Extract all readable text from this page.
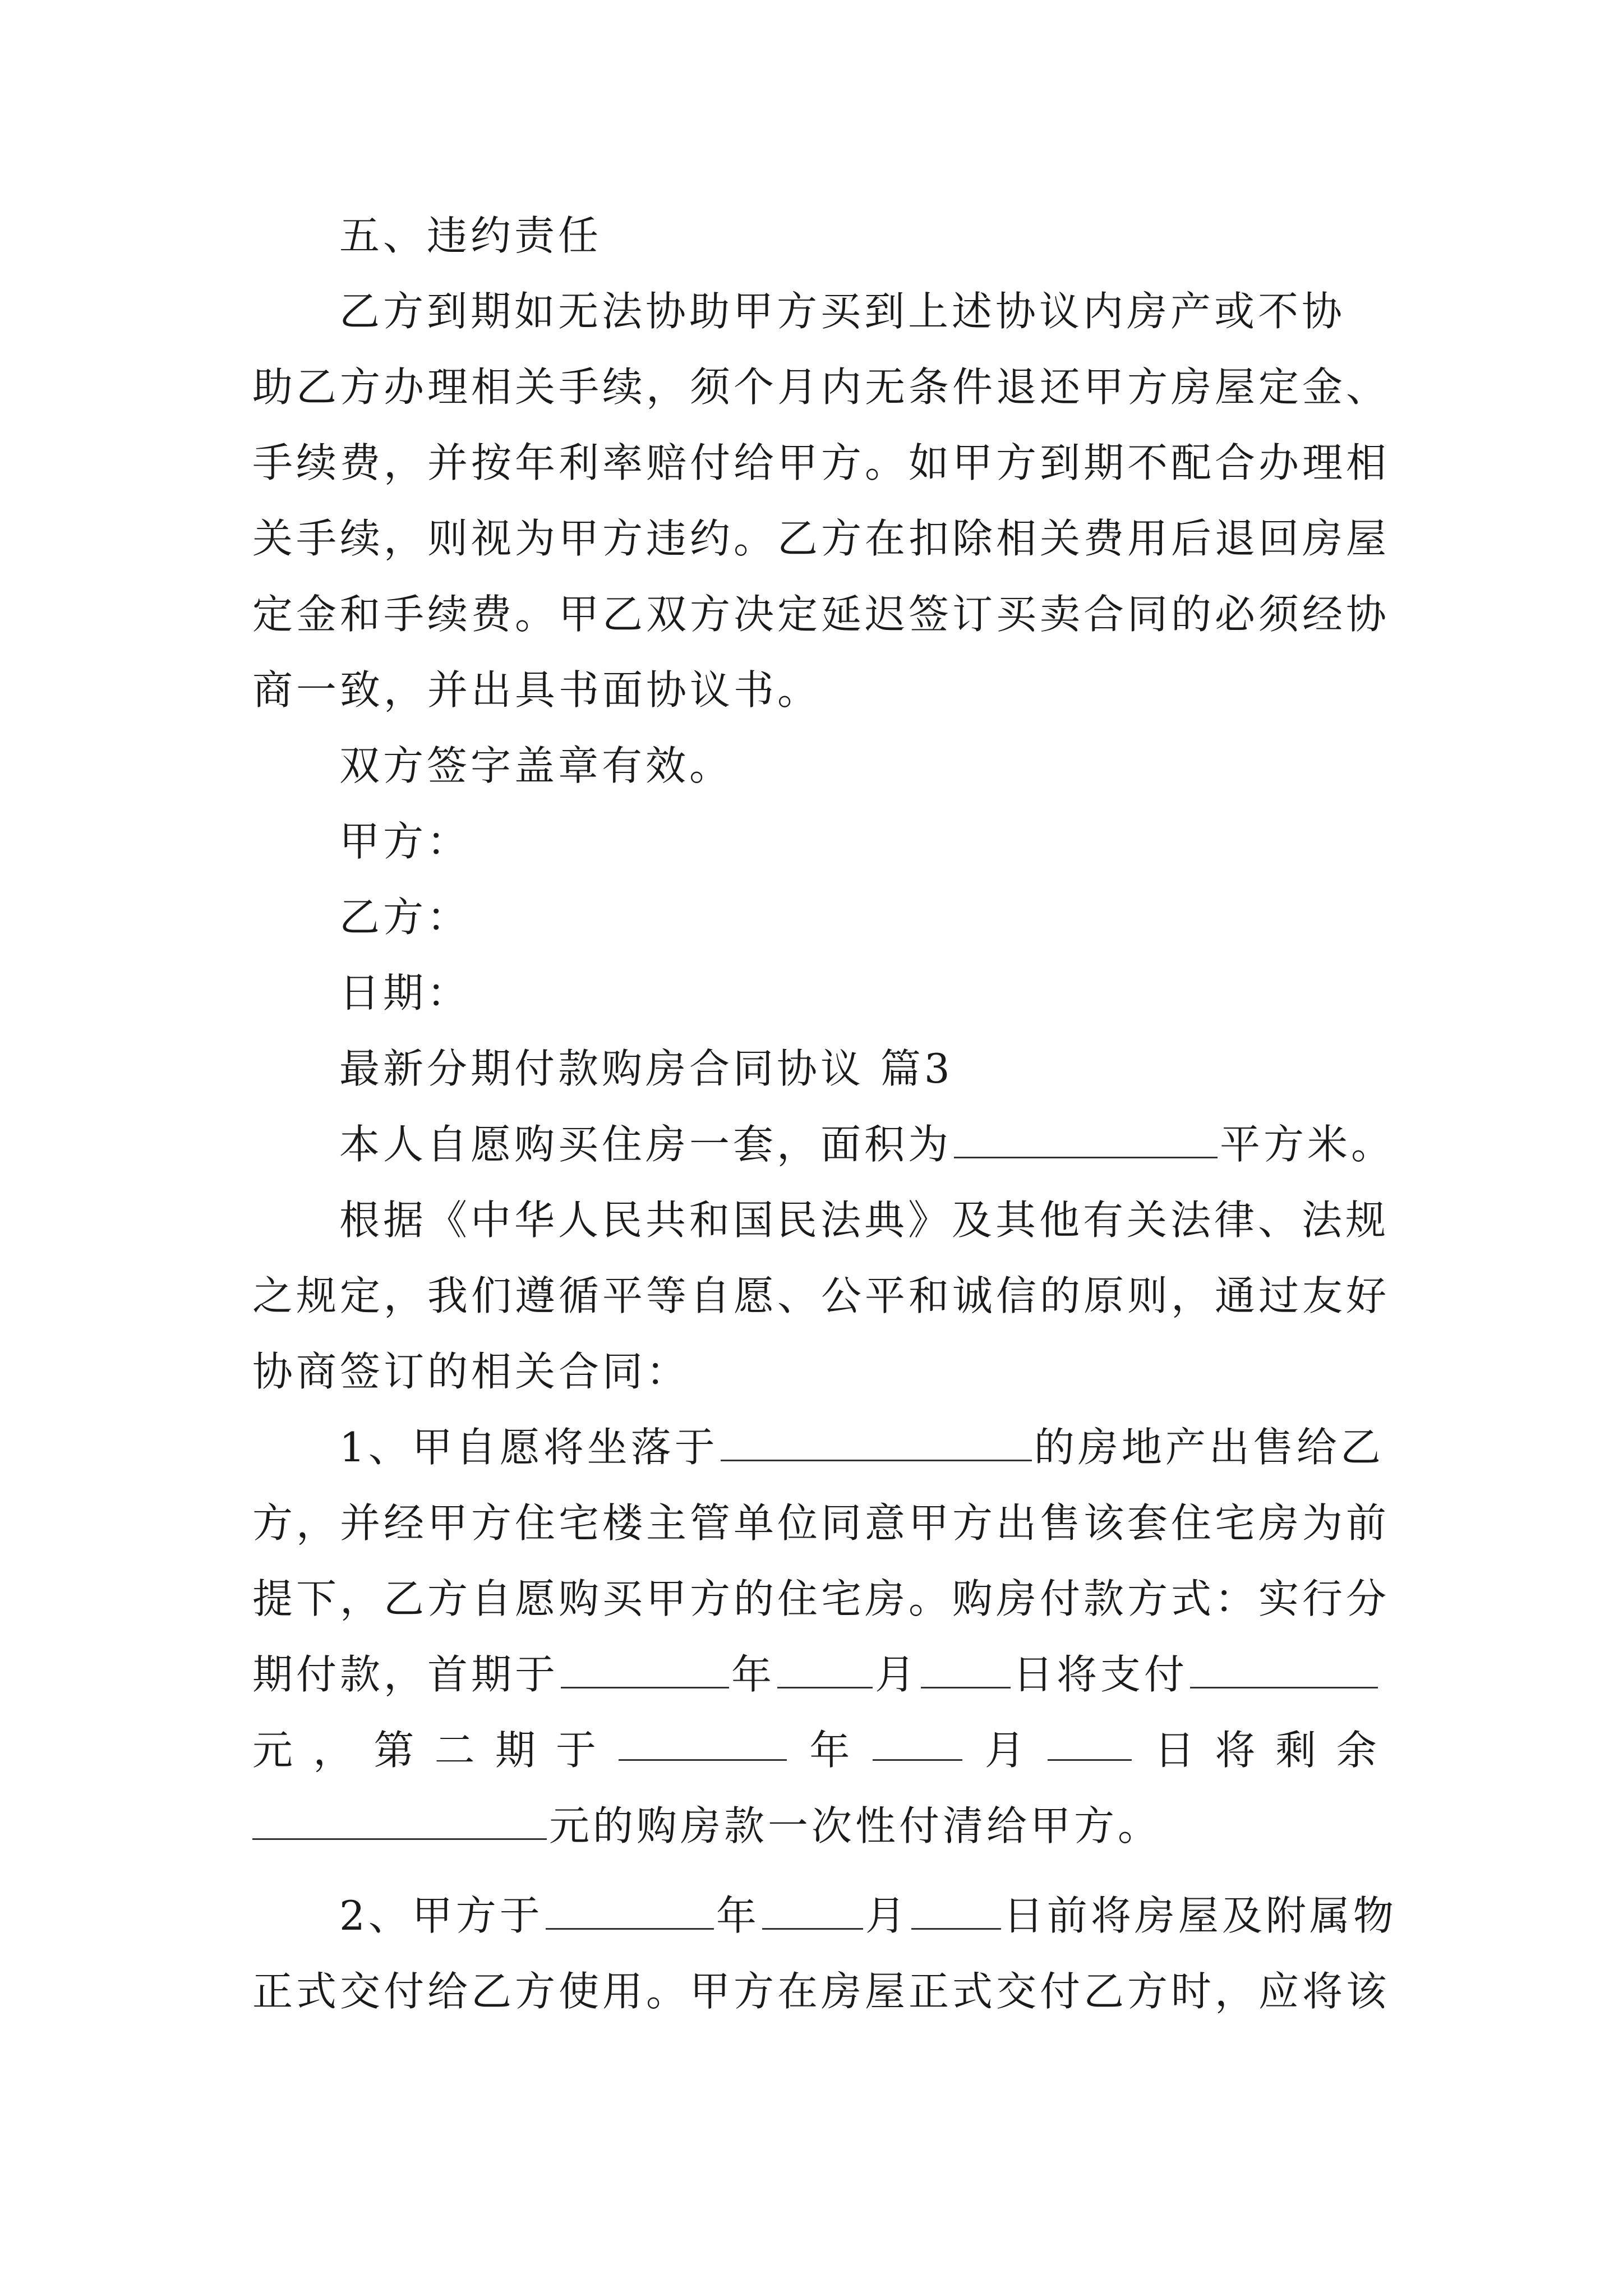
五、违约责任
乙方到期如无法协助甲方买到上述协议内房产或不协
助乙方办理相关手续，须个月内无条件退还甲方房屋定金、
手续费，并按年利率赔付给甲方。如甲方到期不配合办理相
关手续，则视为甲方违约。乙方在扣除相关费用后退回房屋
定金和手续费。甲乙双方决定延迟签订买卖合同的必须经协
商一致，并出具书面协议书。
双方签字盖章有效。
甲方：
乙方：
日期：
最新分期付款购房合同协议 篇3
本人自愿购买住房一套，面积为	平方米。
根据《中华人民共和国民法典》及其他有关法律、法规
之规定，我们遵循平等自愿、公平和诚信的原则，通过友好
协商签订的相关合同：
1、甲自愿将坐落于	的房地产出售给乙
方，并经甲方住宅楼主管单位同意甲方出售该套住宅房为前
提下，乙方自愿购买甲方的住宅房。购房付款方式：实行分
期付款，首期于	年 月 日将支付
元 ， 第 二 期 于	年	月	日 将 剩 余
元的购房款一次性付清给甲方。
2、甲方于	年	月 日前将房屋及附属物
正式交付给乙方使用。甲方在房屋正式交付乙方时，应将该
